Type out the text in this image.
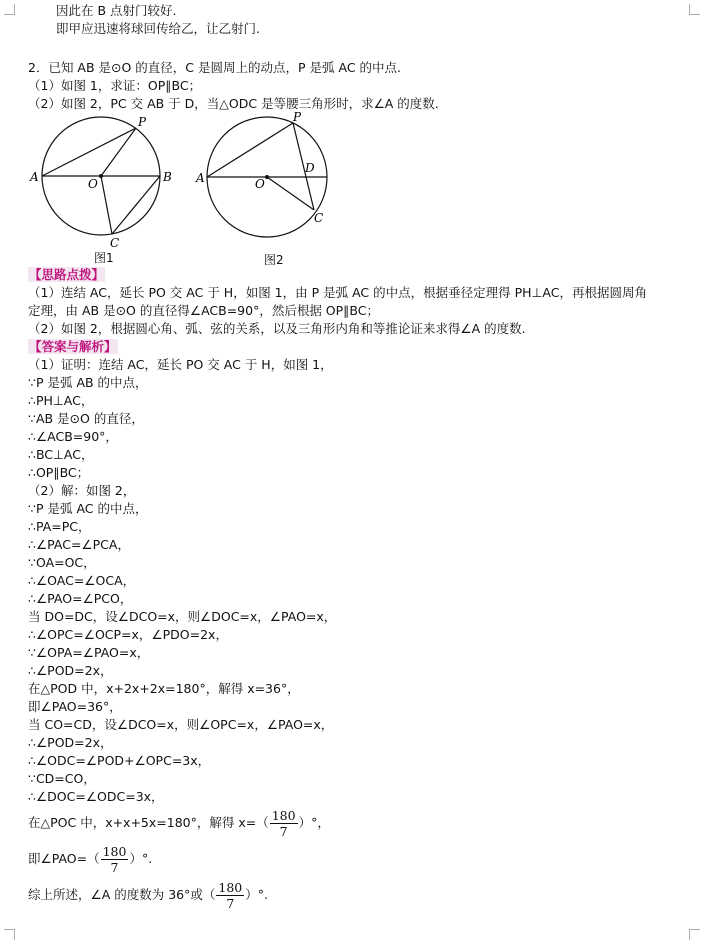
因此在 B 点射门较好.
即甲应迅速将球回传给乙，让乙射门.
2．已知 AB 是⊙O 的直径，C 是圆周上的动点，P 是弧 AC 的中点.
（1）如图 1，求证：OP∥BC；
（2）如图 2，PC 交 AB 于 D，当△ODC 是等腰三角形时，求∠A 的度数.
P
A	O	B
C
图1
P
A	O
D
C
图2
【思路点拨】
（1）连结 AC，延长 PO 交 AC 于 H，如图 1，由 P 是弧 AC 的中点，根据垂径定理得 PH⊥AC，再根据圆周角
定理，由 AB 是⊙O 的直径得∠ACB=90°，然后根据 OP∥BC；
（2）如图 2，根据圆心角、弧、弦的关系，以及三角形内角和等推论证来求得∠A 的度数.
【答案与解析】
（1）证明：连结 AC，延长 PO 交 AC 于 H，如图 1，
∵P 是弧 AB 的中点，
∴PH⊥AC，
∵AB 是⊙O 的直径，
∴∠ACB=90°，
∴BC⊥AC，
∴OP∥BC；
（2）解：如图 2，
∵P 是弧 AC 的中点，
∴PA=PC，
∴∠PAC=∠PCA，
∵OA=OC，
∴∠OAC=∠OCA，
∴∠PAO=∠PCO，
当 DO=DC，设∠DCO=x，则∠DOC=x，∠PAO=x，
∴∠OPC=∠OCP=x，∠PDO=2x，
∵∠OPA=∠PAO=x，
∴∠POD=2x，
在△POD 中，x+2x+2x=180°，解得 x=36°，
即∠PAO=36°，
当 CO=CD，设∠DCO=x，则∠OPC=x，∠PAO=x，
∴∠POD=2x，
∴∠ODC=∠POD+∠OPC=3x，
∵CD=CO，
∴∠DOC=∠ODC=3x，
在△POC 中，x+x+5x=180°，解得 $x=( \frac{180}{7}$ ）°，
即∠PAO=（ $\frac{180}{7}$ ）°.
综上所述，∠A 的度数为 36°或（ $\frac{180}{7}$ ）°.
